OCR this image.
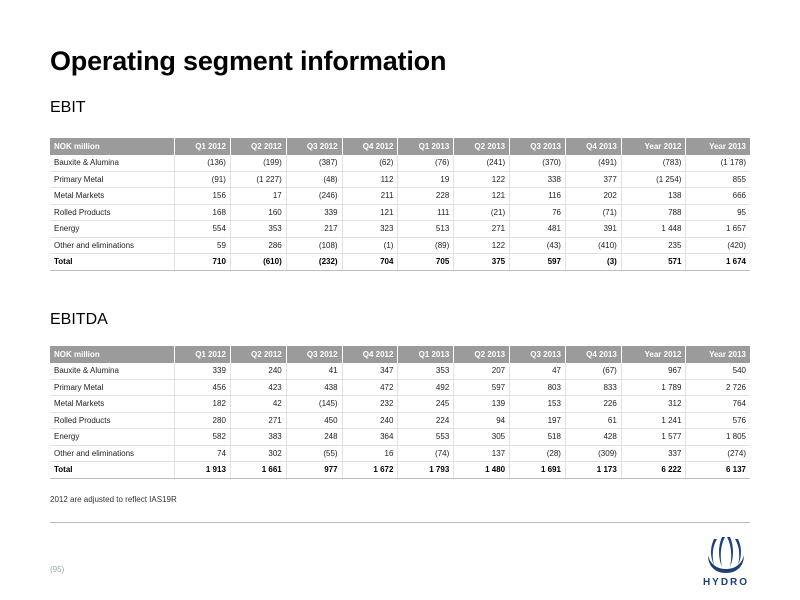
Operating segment information
EBIT
NOK million	Q1 2012	Q2 2012	Q3 2012	Q4 2012	Q1 2013	Q2 2013	Q3 2013	Q4 2013	Year 2012	Year 2013
Bauxite & Alumina	(136)	(199)	(387)	(62)	(76)	(241)	(370)	(491)	(783)	(1 178)
Primary Metal	(91)	(1 227)	(48)	112	19	122	338	377	(1 254)	855
Metal Markets	156	17	(246)	211	228	121	116	202	138	666
Rolled Products	168	160	339	121	111	(21)	76	(71)	788	95
Energy	554	353	217	323	513	271	481	391	1 448	1 657
Other and eliminations	59	286	(108)	(1)	(89)	122	(43)	(410)	235	(420)
Total	710	(610)	(232)	704	705	375	597	(3)	571	1 674
EBITDA
NOK million	Q1 2012	Q2 2012	Q3 2012	Q4 2012	Q1 2013	Q2 2013	Q3 2013	Q4 2013	Year 2012	Year 2013
Bauxite & Alumina	339	240	41	347	353	207	47	(67)	967	540
Primary Metal	456	423	438	472	492	597	803	833	1 789	2 726
Metal Markets	182	42	(145)	232	245	139	153	226	312	764
Rolled Products	280	271	450	240	224	94	197	61	1 241	576
Energy	582	383	248	364	553	305	518	428	1 577	1 805
Other and eliminations	74	302	(55)	16	(74)	137	(28)	(309)	337	(274)
Total	1 913	1 661	977	1 672	1 793	1 480	1 691	1 173	6 222	6 137
2012 are adjusted to reflect IAS19R
(95)
HYDRO
